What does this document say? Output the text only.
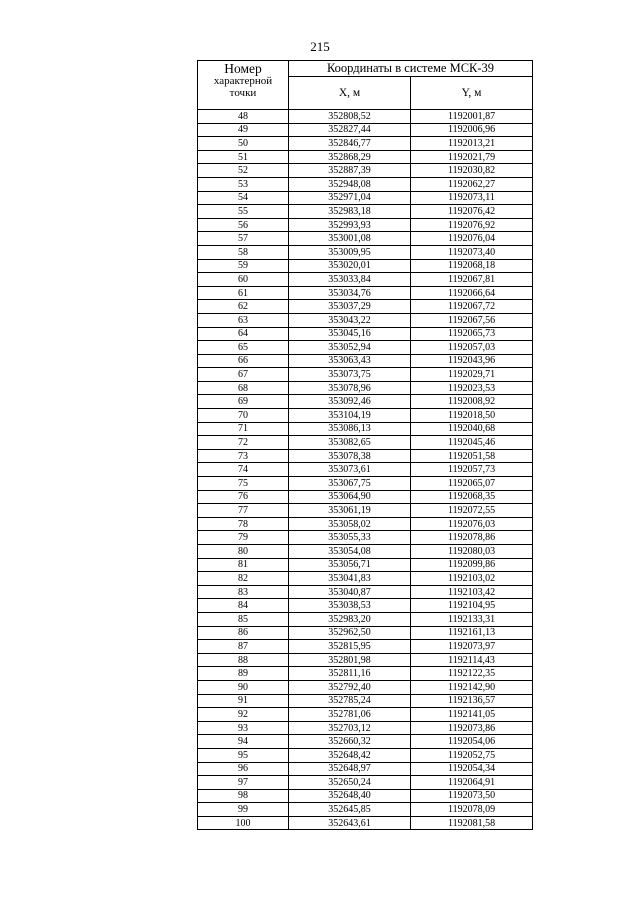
215
Номер
характерной
точки	Координаты в системе МСК-39	
	X, м	Y, м
48	352808,52	1192001,87
49	352827,44	1192006,96
50	352846,77	1192013,21
51	352868,29	1192021,79
52	352887,39	1192030,82
53	352948,08	1192062,27
54	352971,04	1192073,11
55	352983,18	1192076,42
56	352993,93	1192076,92
57	353001,08	1192076,04
58	353009,95	1192073,40
59	353020,01	1192068,18
60	353033,84	1192067,81
61	353034,76	1192066,64
62	353037,29	1192067,72
63	353043,22	1192067,56
64	353045,16	1192065,73
65	353052,94	1192057,03
66	353063,43	1192043,96
67	353073,75	1192029,71
68	353078,96	1192023,53
69	353092,46	1192008,92
70	353104,19	1192018,50
71	353086,13	1192040,68
72	353082,65	1192045,46
73	353078,38	1192051,58
74	353073,61	1192057,73
75	353067,75	1192065,07
76	353064,90	1192068,35
77	353061,19	1192072,55
78	353058,02	1192076,03
79	353055,33	1192078,86
80	353054,08	1192080,03
81	353056,71	1192099,86
82	353041,83	1192103,02
83	353040,87	1192103,42
84	353038,53	1192104,95
85	352983,20	1192133,31
86	352962,50	1192161,13
87	352815,95	1192073,97
88	352801,98	1192114,43
89	352811,16	1192122,35
90	352792,40	1192142,90
91	352785,24	1192136,57
92	352781,06	1192141,05
93	352703,12	1192073,86
94	352660,32	1192054,06
95	352648,42	1192052,75
96	352648,97	1192054,34
97	352650,24	1192064,91
98	352648,40	1192073,50
99	352645,85	1192078,09
100	352643,61	1192081,58
